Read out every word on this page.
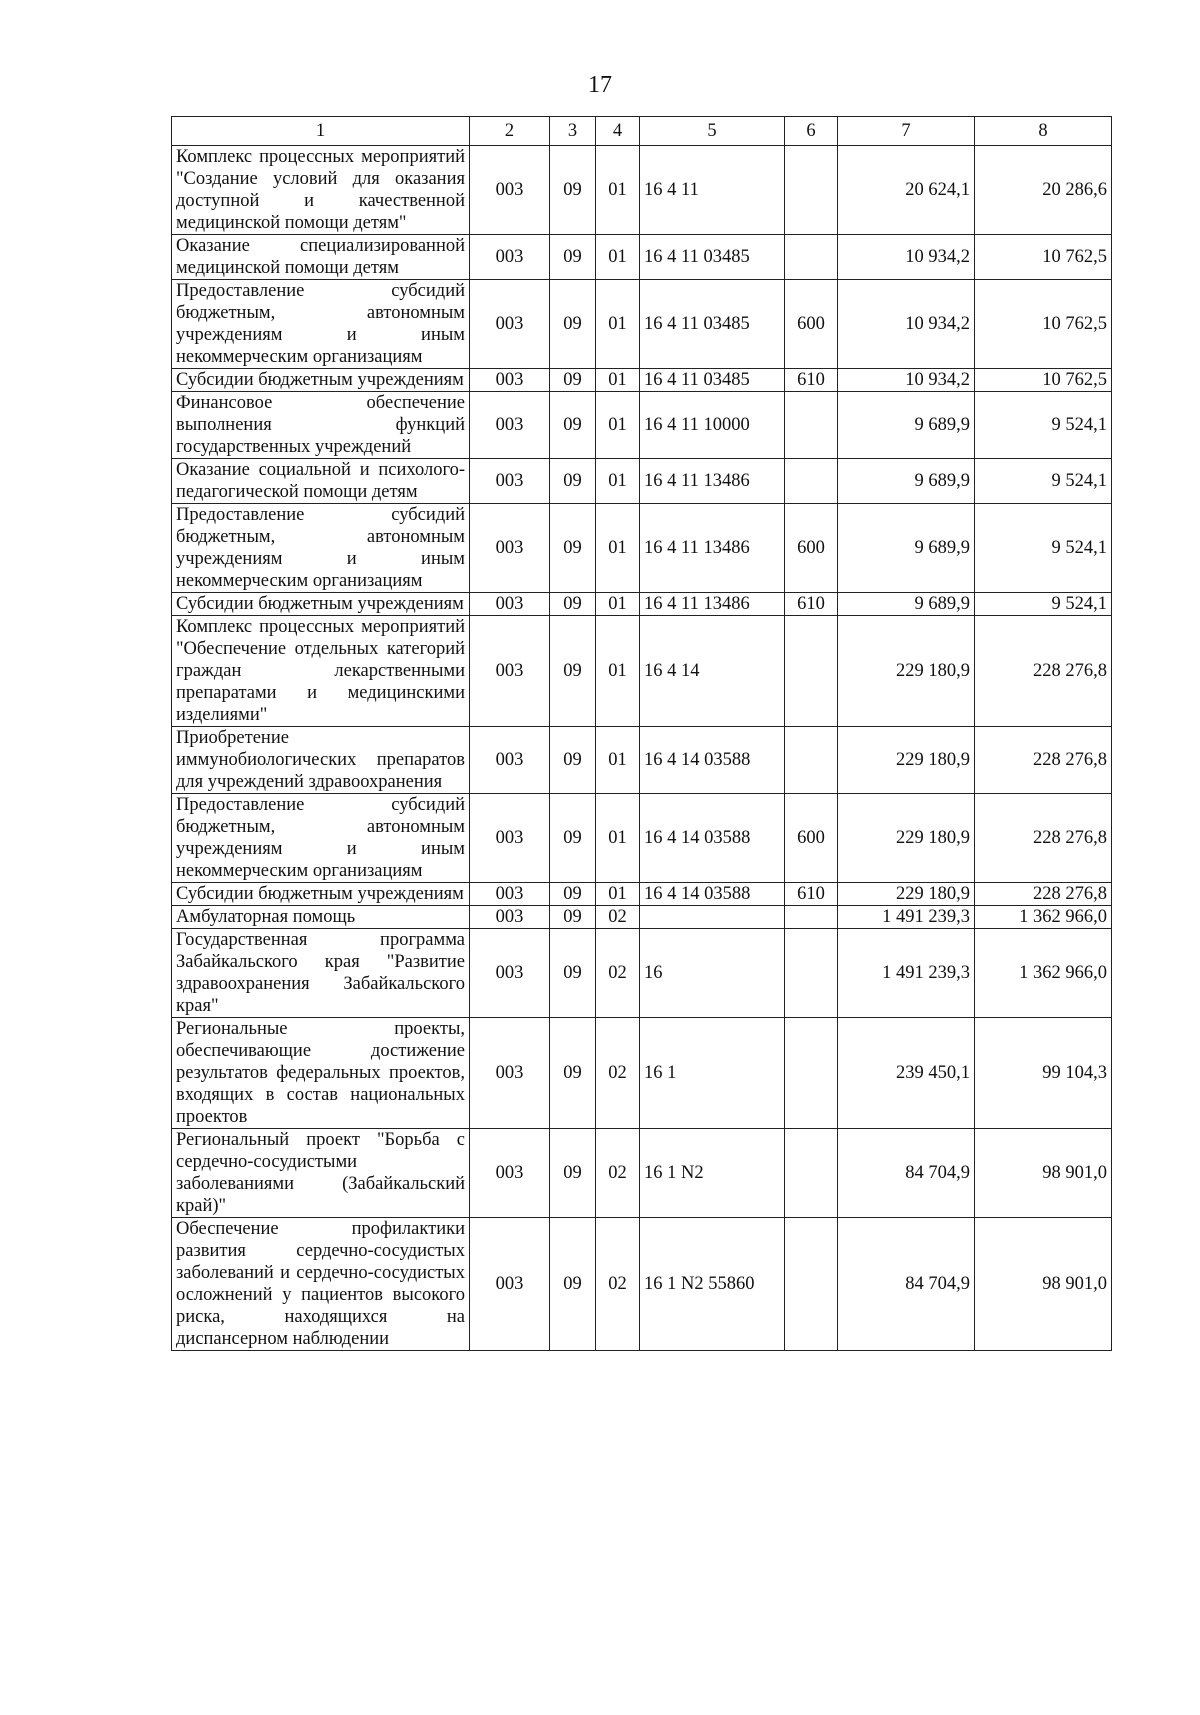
17
1	2	3	4	5	6	7	8
Комплекс процессных мероприятий "Создание условий для оказания доступной и качественной медицинской помощи детям"	003	09	01	16 4 11		20 624,1	20 286,6
Оказание специализированной медицинской помощи детям	003	09	01	16 4 11 03485		10 934,2	10 762,5
Предоставление субсидий бюджетным, автономным учреждениям и иным некоммерческим организациям	003	09	01	16 4 11 03485	600	10 934,2	10 762,5
Субсидии бюджетным учреждениям	003	09	01	16 4 11 03485	610	10 934,2	10 762,5
Финансовое обеспечение выполнения функций государственных учреждений	003	09	01	16 4 11 10000		9 689,9	9 524,1
Оказание социальной и психолого-педагогической помощи детям	003	09	01	16 4 11 13486		9 689,9	9 524,1
Предоставление субсидий бюджетным, автономным учреждениям и иным некоммерческим организациям	003	09	01	16 4 11 13486	600	9 689,9	9 524,1
Субсидии бюджетным учреждениям	003	09	01	16 4 11 13486	610	9 689,9	9 524,1
Комплекс процессных мероприятий "Обеспечение отдельных категорий граждан лекарственными препаратами и медицинскими изделиями"	003	09	01	16 4 14		229 180,9	228 276,8
Приобретение иммунобиологических препаратов для учреждений здравоохранения	003	09	01	16 4 14 03588		229 180,9	228 276,8
Предоставление субсидий бюджетным, автономным учреждениям и иным некоммерческим организациям	003	09	01	16 4 14 03588	600	229 180,9	228 276,8
Субсидии бюджетным учреждениям	003	09	01	16 4 14 03588	610	229 180,9	228 276,8
Амбулаторная помощь	003	09	02			1 491 239,3	1 362 966,0
Государственная программа Забайкальского края "Развитие здравоохранения Забайкальского края"	003	09	02	16		1 491 239,3	1 362 966,0
Региональные проекты, обеспечивающие достижение результатов федеральных проектов, входящих в состав национальных проектов	003	09	02	16 1		239 450,1	99 104,3
Региональный проект "Борьба с сердечно-сосудистыми заболеваниями (Забайкальский край)"	003	09	02	16 1 N2		84 704,9	98 901,0
Обеспечение профилактики развития сердечно-сосудистых заболеваний и сердечно-сосудистых осложнений у пациентов высокого риска, находящихся на диспансерном наблюдении	003	09	02	16 1 N2 55860		84 704,9	98 901,0
